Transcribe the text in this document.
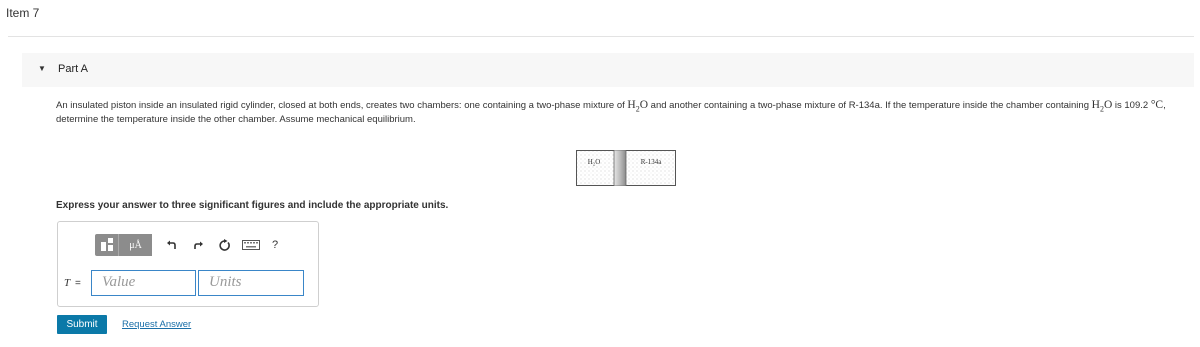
Item 7
▼ Part A
An insulated piston inside an insulated rigid cylinder, closed at both ends, creates two chambers: one containing a two-phase mixture of $H_2O$ and another containing a two-phase mixture of R-134a. If the temperature inside the chamber containing $H_2O$ is 109.2 °C, determine the temperature inside the other chamber. Assume mechanical equilibrium.
H₂O	R-134a
Express your answer to three significant figures and include the appropriate units.
μÅ	?
T =	Value	Units
Submit	Request Answer
